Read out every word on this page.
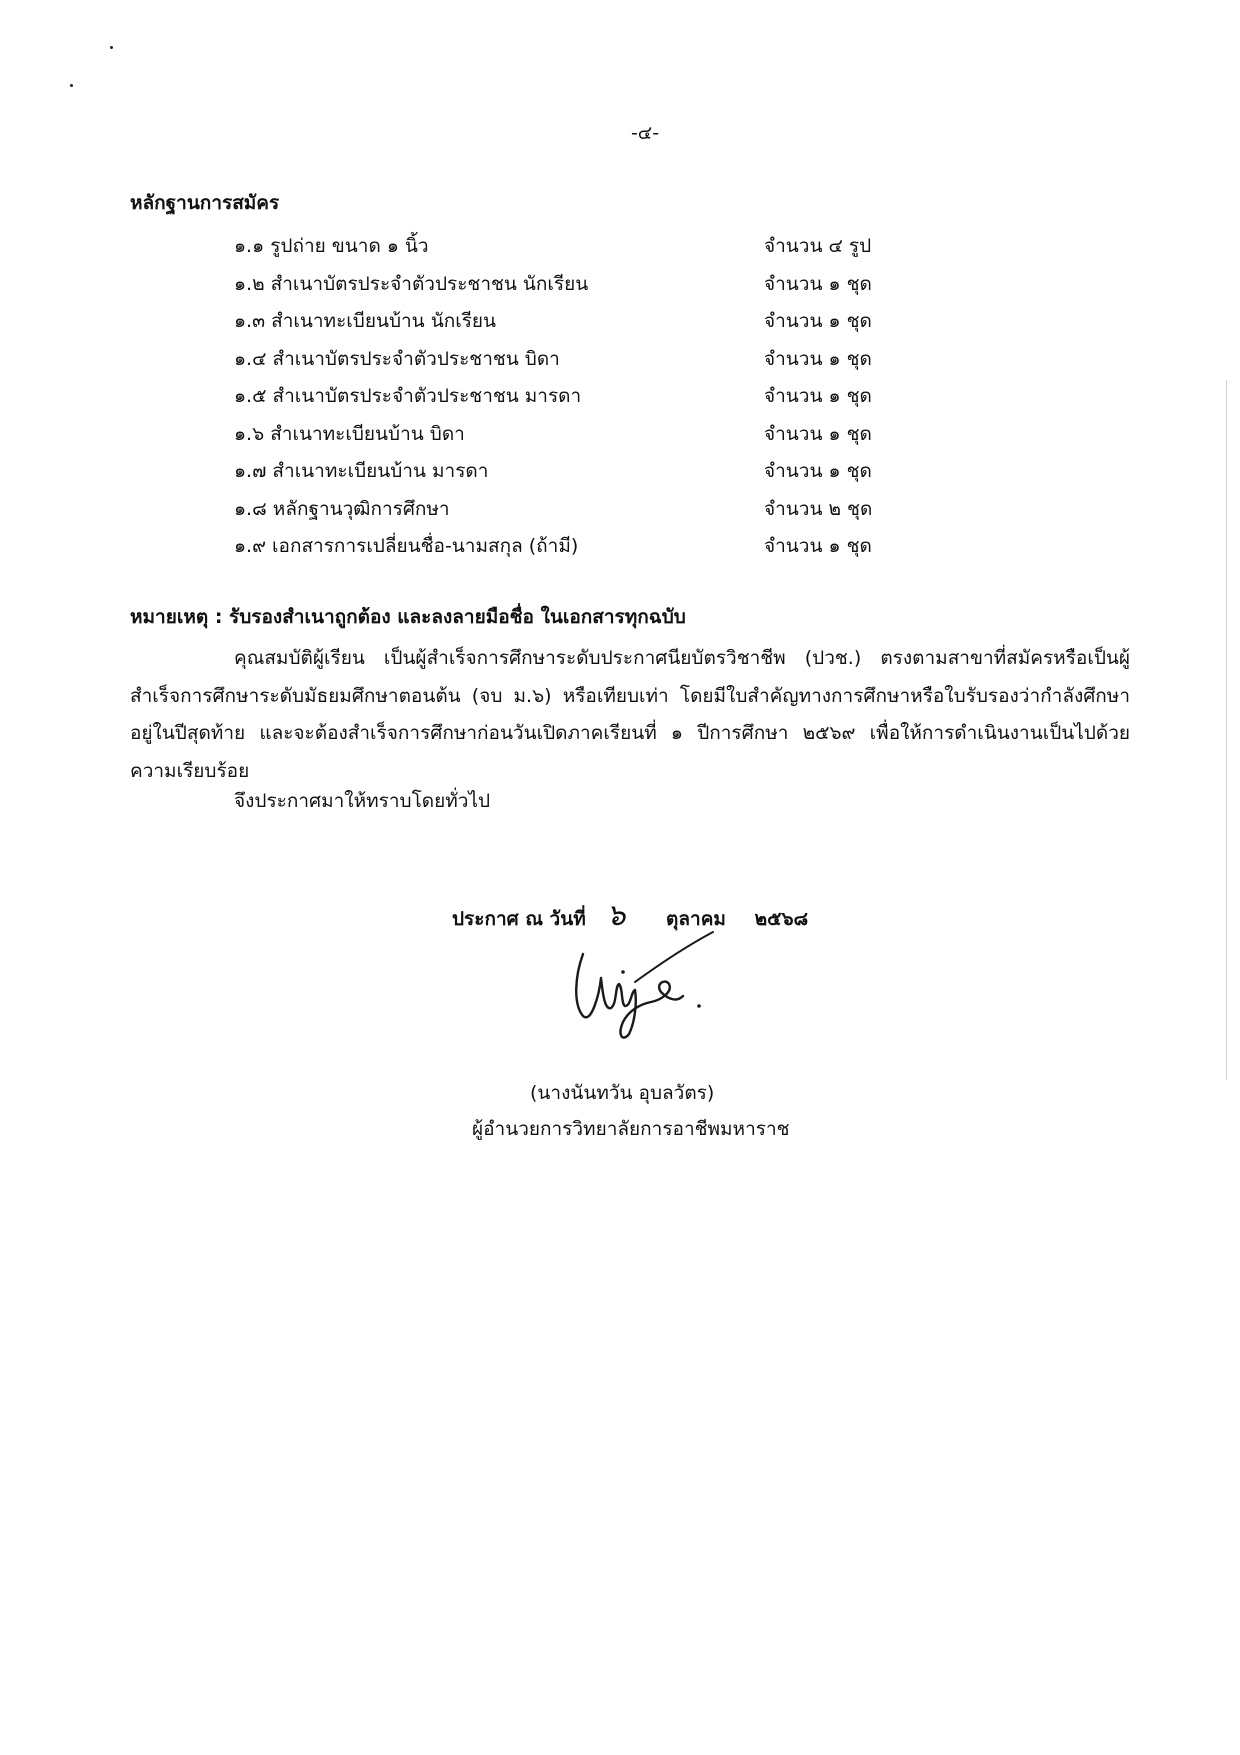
-๔-
หลักฐานการสมัคร
๑.๑ รูปถ่าย ขนาด ๑ นิ้ว	จำนวน ๔ รูป
๑.๒ สำเนาบัตรประจำตัวประชาชน นักเรียน	จำนวน ๑ ชุด
๑.๓ สำเนาทะเบียนบ้าน นักเรียน	จำนวน ๑ ชุด
๑.๔ สำเนาบัตรประจำตัวประชาชน บิดา	จำนวน ๑ ชุด
๑.๕ สำเนาบัตรประจำตัวประชาชน มารดา	จำนวน ๑ ชุด
๑.๖ สำเนาทะเบียนบ้าน บิดา	จำนวน ๑ ชุด
๑.๗ สำเนาทะเบียนบ้าน มารดา	จำนวน ๑ ชุด
๑.๘ หลักฐานวุฒิการศึกษา	จำนวน ๒ ชุด
๑.๙ เอกสารการเปลี่ยนชื่อ-นามสกุล (ถ้ามี)	จำนวน ๑ ชุด
หมายเหตุ : รับรองสำเนาถูกต้อง และลงลายมือชื่อ ในเอกสารทุกฉบับ
คุณสมบัติผู้เรียน เป็นผู้สำเร็จการศึกษาระดับประกาศนียบัตรวิชาชีพ (ปวช.) ตรงตามสาขาที่สมัครหรือเป็นผู้สำเร็จการศึกษาระดับมัธยมศึกษาตอนต้น (จบ ม.๖) หรือเทียบเท่า โดยมีใบสำคัญทางการศึกษาหรือใบรับรองว่ากำลังศึกษาอยู่ในปีสุดท้าย และจะต้องสำเร็จการศึกษาก่อนวันเปิดภาคเรียนที่ ๑ ปีการศึกษา ๒๕๖๙ เพื่อให้การดำเนินงานเป็นไปด้วยความเรียบร้อย
จึงประกาศมาให้ทราบโดยทั่วไป
ประกาศ ณ วันที่ ๖ ตุลาคม ๒๕๖๘
(นางนันทวัน อุบลวัตร)
ผู้อำนวยการวิทยาลัยการอาชีพมหาราช
